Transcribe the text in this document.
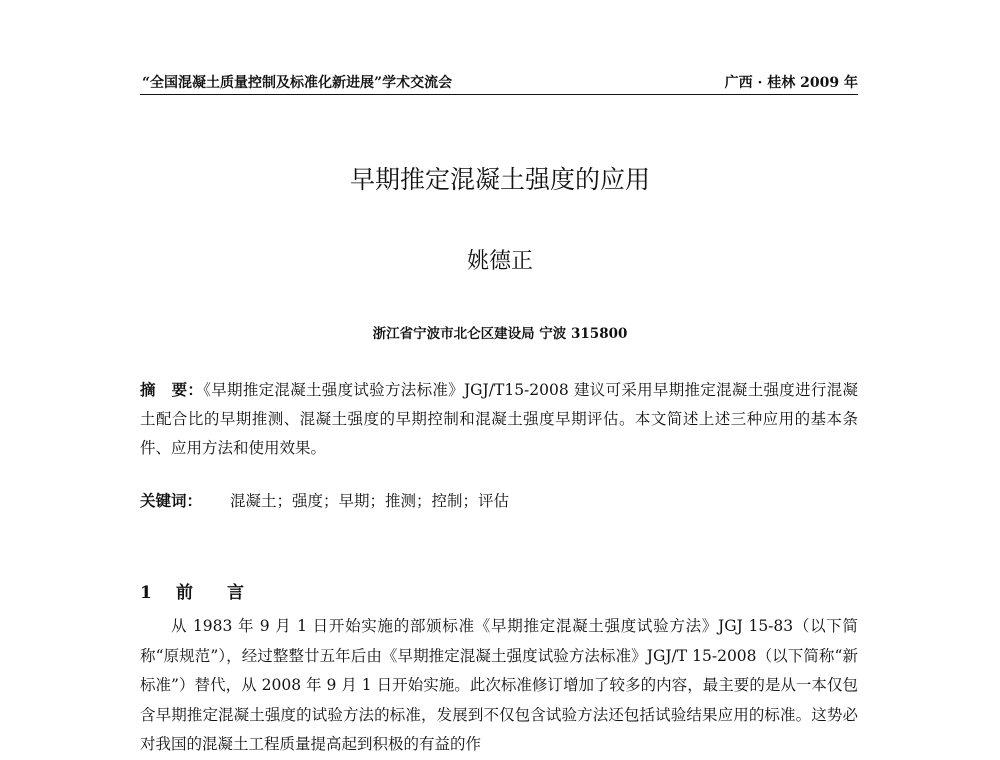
“全国混凝土质量控制及标准化新进展”学术交流会	广西 · 桂林 2009 年
早期推定混凝土强度的应用
姚德正
浙江省宁波市北仑区建设局 宁波 315800
摘　要：《早期推定混凝土强度试验方法标准》JGJ/T15-2008 建议可采用早期推定混凝土强度进行混凝土配合比的早期推测、混凝土强度的早期控制和混凝土强度早期评估。本文简述上述三种应用的基本条件、应用方法和使用效果。
关键词： 混凝土；强度；早期；推测；控制；评估
1 前　　言

从 1983 年 9 月 1 日开始实施的部颁标准《早期推定混凝土强度试验方法》JGJ 15-83（以下简称“原规范”），经过整整廿五年后由《早期推定混凝土强度试验方法标准》JGJ/T 15-2008（以下简称“新标准”）替代，从 2008 年 9 月 1 日开始实施。此次标准修订增加了较多的内容，最主要的是从一本仅包含早期推定混凝土强度的试验方法的标准，发展到不仅包含试验方法还包括试验结果应用的标准。这势必对我国的混凝土工程质量提高起到积极的有益的作
